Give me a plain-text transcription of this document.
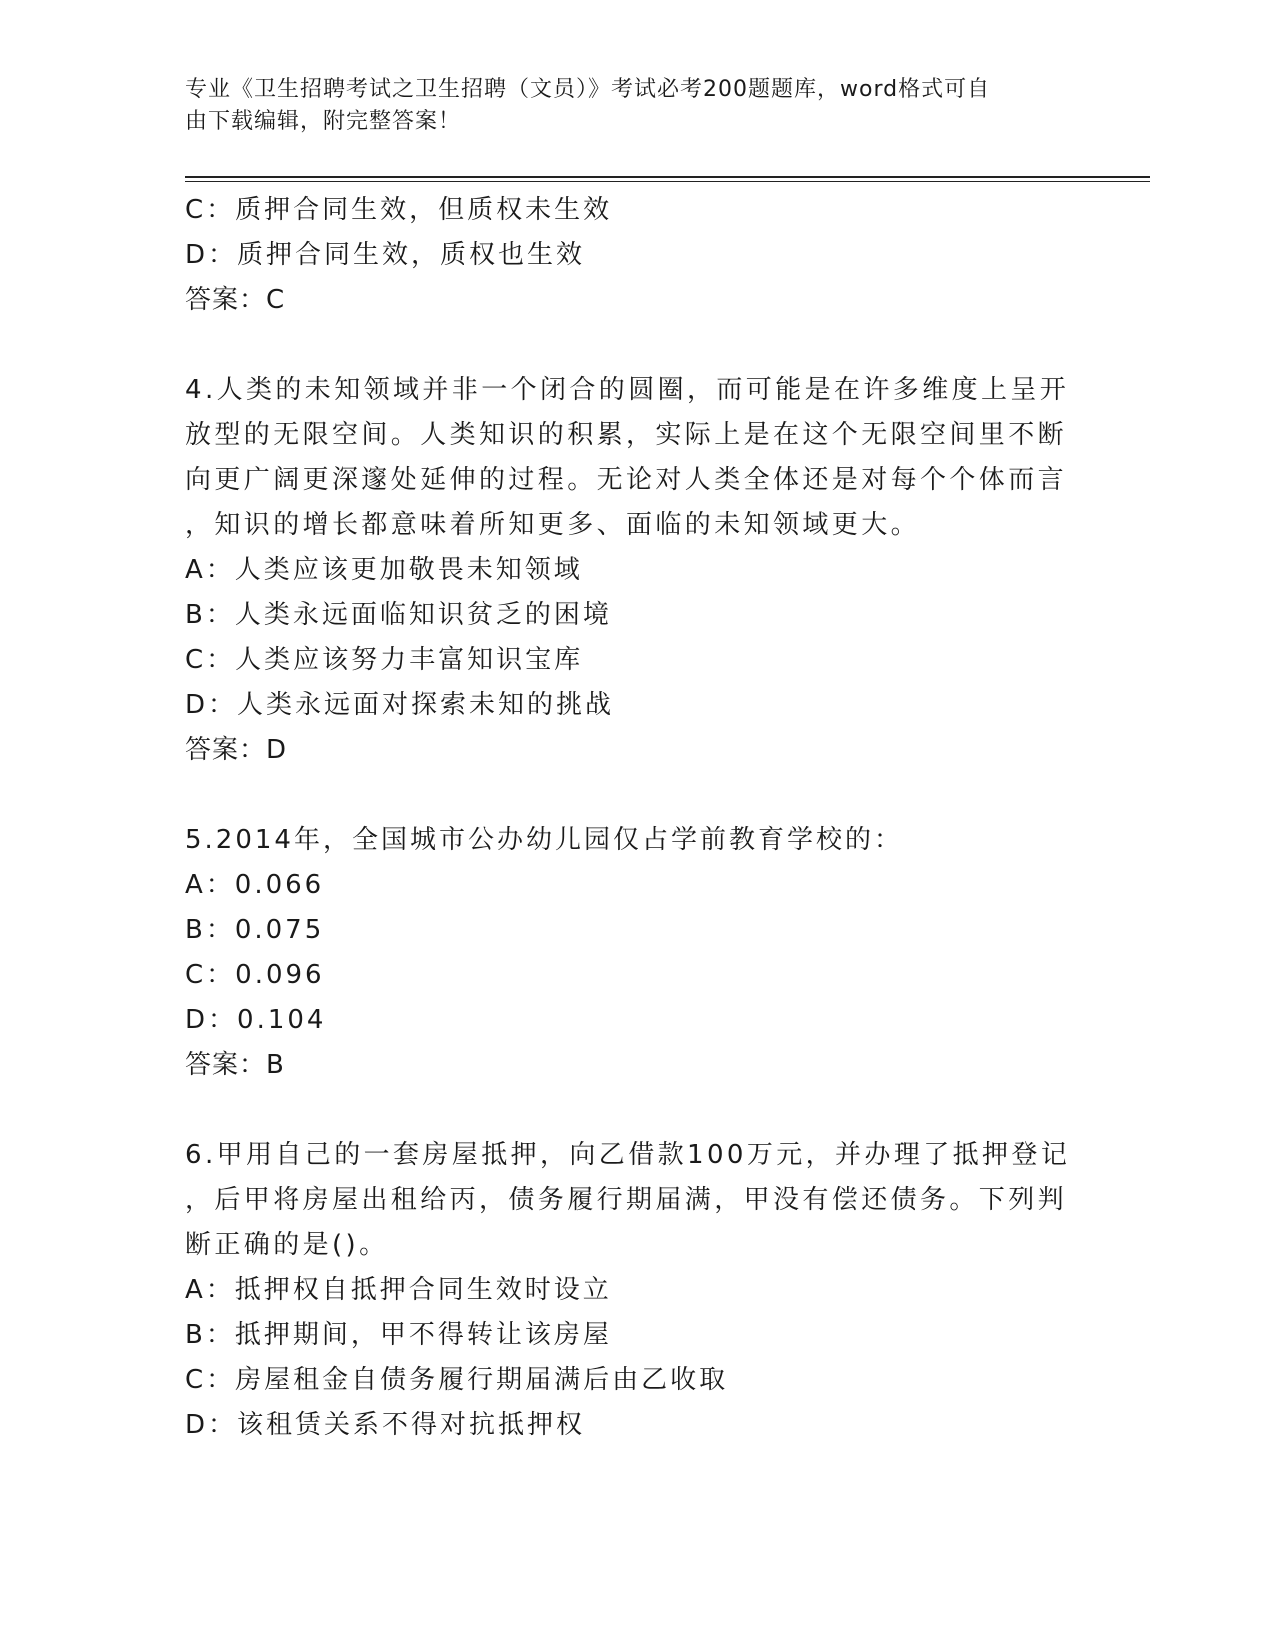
专业《卫生招聘考试之卫生招聘（文员）》考试必考200题题库，word格式可自
由下载编辑，附完整答案！
C：质押合同生效，但质权未生效
D：质押合同生效，质权也生效
答案：C
4.人类的未知领域并非一个闭合的圆圈，而可能是在许多维度上呈开
放型的无限空间。人类知识的积累，实际上是在这个无限空间里不断
向更广阔更深邃处延伸的过程。无论对人类全体还是对每个个体而言
，知识的增长都意味着所知更多、面临的未知领域更大。
A：人类应该更加敬畏未知领域
B：人类永远面临知识贫乏的困境
C：人类应该努力丰富知识宝库
D：人类永远面对探索未知的挑战
答案：D
5.2014年，全国城市公办幼儿园仅占学前教育学校的：
A：0.066
B：0.075
C：0.096
D：0.104
答案：B
6.甲用自己的一套房屋抵押，向乙借款100万元，并办理了抵押登记
，后甲将房屋出租给丙，债务履行期届满，甲没有偿还债务。下列判
断正确的是()。
A：抵押权自抵押合同生效时设立
B：抵押期间，甲不得转让该房屋
C：房屋租金自债务履行期届满后由乙收取
D：该租赁关系不得对抗抵押权
